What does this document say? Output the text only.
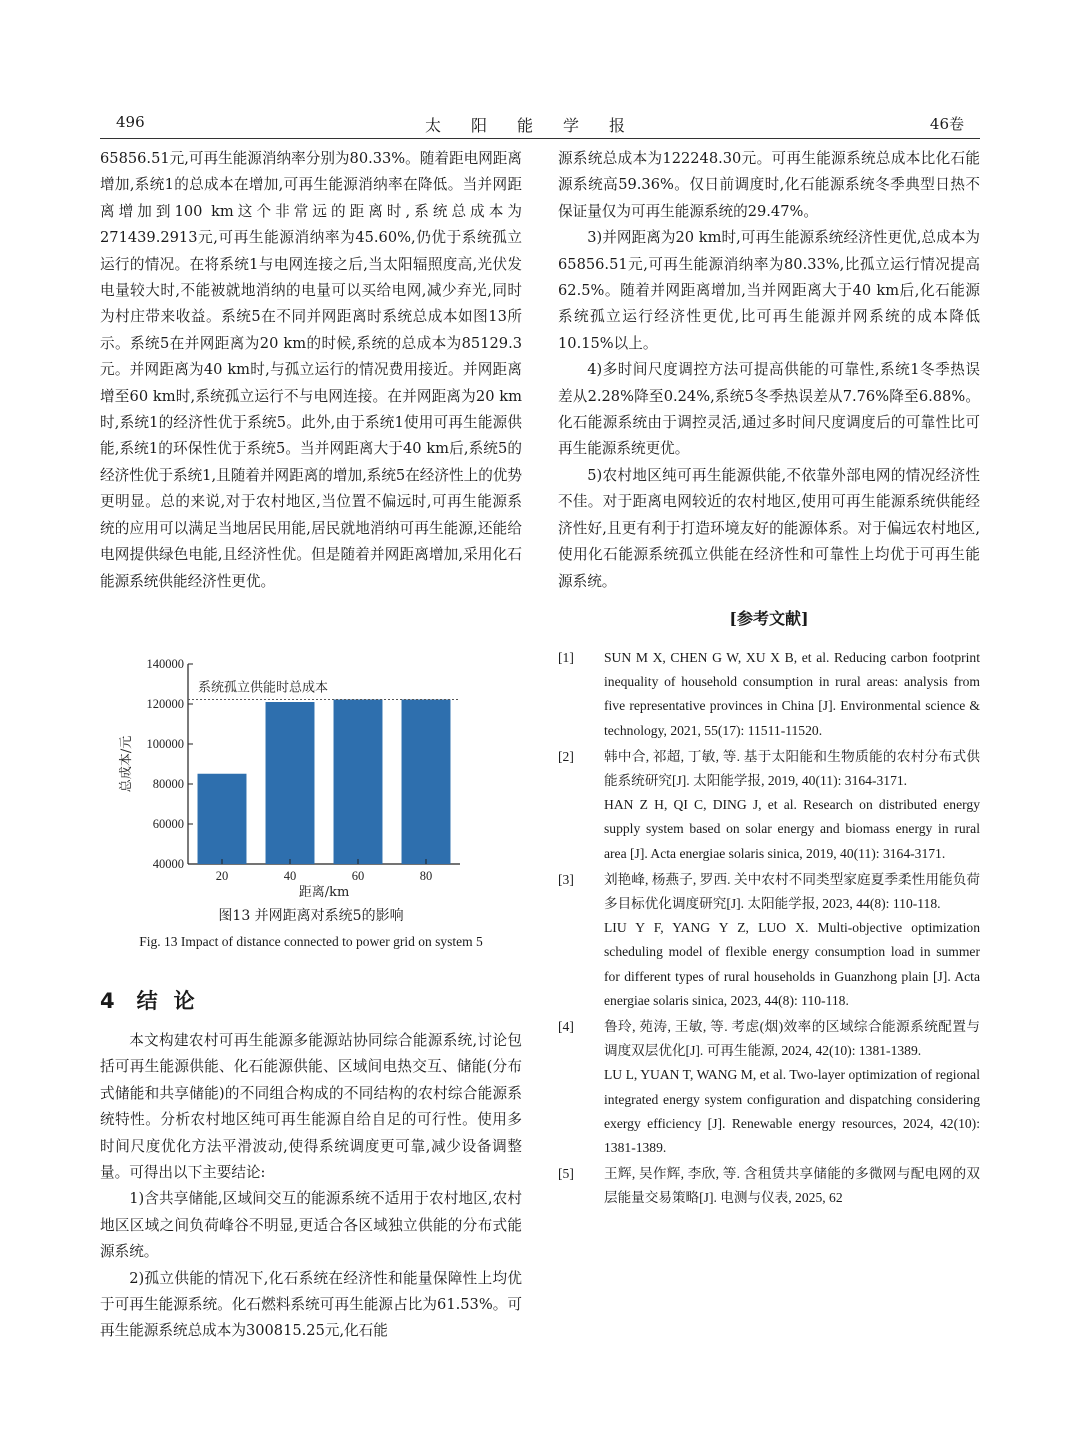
496	太阳能学报	46卷

65856.51元,可再生能源消纳率分别为80.33%。随着距电网距离增加,系统1的总成本在增加,可再生能源消纳率在降低。当并网距离增加到100 km这个非常远的距离时,系统总成本为271439.2913元,可再生能源消纳率为45.60%,仍优于系统孤立运行的情况。在将系统1与电网连接之后,当太阳辐照度高,光伏发电量较大时,不能被就地消纳的电量可以买给电网,减少弃光,同时为村庄带来收益。系统5在不同并网距离时系统总成本如图13所示。系统5在并网距离为20 km的时候,系统的总成本为85129.3元。并网距离为40 km时,与孤立运行的情况费用接近。并网距离增至60 km时,系统孤立运行不与电网连接。在并网距离为20 km时,系统1的经济性优于系统5。此外,由于系统1使用可再生能源供能,系统1的环保性优于系统5。当并网距离大于40 km后,系统5的经济性优于系统1,且随着并网距离的增加,系统5在经济性上的优势更明显。总的来说,对于农村地区,当位置不偏远时,可再生能源系统的应用可以满足当地居民用能,居民就地消纳可再生能源,还能给电网提供绿色电能,且经济性优。但是随着并网距离增加,采用化石能源系统供能经济性更优。

40000
60000
80000
100000
120000
140000
20	40	60	80
系统孤立供能时总成本
距离/km
总成本/元
图13 并网距离对系统5的影响
Fig. 13 Impact of distance connected to power grid on system 5
4 结论

本文构建农村可再生能源多能源站协同综合能源系统,讨论包括可再生能源供能、化石能源供能、区域间电热交互、储能(分布式储能和共享储能)的不同组合构成的不同结构的农村综合能源系统特性。分析农村地区纯可再生能源自给自足的可行性。使用多时间尺度优化方法平滑波动,使得系统调度更可靠,减少设备调整量。可得出以下主要结论:

1)含共享储能,区域间交互的能源系统不适用于农村地区,农村地区区域之间负荷峰谷不明显,更适合各区域独立供能的分布式能源系统。

2)孤立供能的情况下,化石系统在经济性和能量保障性上均优于可再生能源系统。化石燃料系统可再生能源占比为61.53%。可再生能源系统总成本为300815.25元,化石能

源系统总成本为122248.30元。可再生能源系统总成本比化石能源系统高59.36%。仅日前调度时,化石能源系统冬季典型日热不保证量仅为可再生能源系统的29.47%。

3)并网距离为20 km时,可再生能源系统经济性更优,总成本为65856.51元,可再生能源消纳率为80.33%,比孤立运行情况提高62.5%。随着并网距离增加,当并网距离大于40 km后,化石能源系统孤立运行经济性更优,比可再生能源并网系统的成本降低10.15%以上。

4)多时间尺度调控方法可提高供能的可靠性,系统1冬季热误差从2.28%降至0.24%,系统5冬季热误差从7.76%降至6.88%。化石能源系统由于调控灵活,通过多时间尺度调度后的可靠性比可再生能源系统更优。

5)农村地区纯可再生能源供能,不依靠外部电网的情况经济性不佳。对于距离电网较近的农村地区,使用可再生能源系统供能经济性好,且更有利于打造环境友好的能源体系。对于偏远农村地区,使用化石能源系统孤立供能在经济性和可靠性上均优于可再生能源系统。

[参考文献]
[1] SUN M X, CHEN G W, XU X B, et al. Reducing carbon footprint inequality of household consumption in rural areas: analysis from five representative provinces in China [J]. Environmental science & technology, 2021, 55(17): 11511-11520.
[2] 韩中合, 祁超, 丁敏, 等. 基于太阳能和生物质能的农村分布式供能系统研究[J]. 太阳能学报, 2019, 40(11): 3164-3171.
HAN Z H, QI C, DING J, et al. Research on distributed energy supply system based on solar energy and biomass energy in rural area [J]. Acta energiae solaris sinica, 2019, 40(11): 3164-3171.
[3] 刘艳峰, 杨燕子, 罗西. 关中农村不同类型家庭夏季柔性用能负荷多目标优化调度研究[J]. 太阳能学报, 2023, 44(8): 110-118.
LIU Y F, YANG Y Z, LUO X. Multi-objective optimization scheduling model of flexible energy consumption load in summer for different types of rural households in Guanzhong plain [J]. Acta energiae solaris sinica, 2023, 44(8): 110-118.
[4] 鲁玲, 苑涛, 王敏, 等. 考虑(烟)效率的区域综合能源系统配置与调度双层优化[J]. 可再生能源, 2024, 42(10): 1381-1389.
LU L, YUAN T, WANG M, et al. Two-layer optimization of regional integrated energy system configuration and dispatching considering exergy efficiency [J]. Renewable energy resources, 2024, 42(10): 1381-1389.
[5] 王辉, 吴作辉, 李欣, 等. 含租赁共享储能的多微网与配电网的双层能量交易策略[J]. 电测与仪表, 2025, 62
